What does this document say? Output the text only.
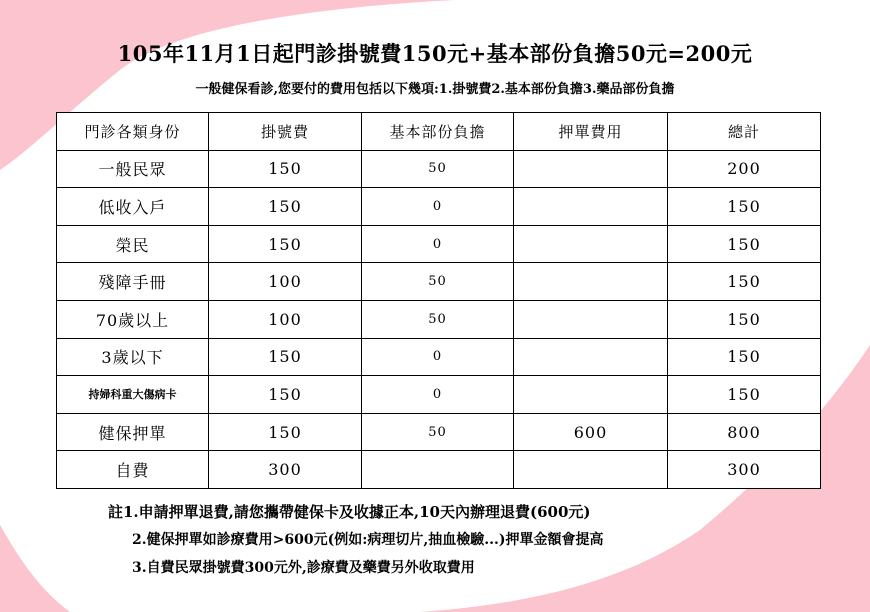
105年11月1日起門診掛號費150元+基本部份負擔50元=200元
一般健保看診,您要付的費用包括以下幾項:1.掛號費2.基本部份負擔3.藥品部份負擔
門診各類身份	掛號費	基本部份負擔	押單費用	總計
一般民眾	150	50		200
低收入戶	150	0		150
榮民	150	0		150
殘障手冊	100	50		150
70歲以上	100	50		150
3歲以下	150	0		150
持婦科重大傷病卡	150	0		150
健保押單	150	50	600	800
自費	300			300
註1.申請押單退費,請您攜帶健保卡及收據正本,10天內辦理退費(600元)
2.健保押單如診療費用>600元(例如:病理切片,抽血檢驗...)押單金額會提高
3.自費民眾掛號費300元外,診療費及藥費另外收取費用
